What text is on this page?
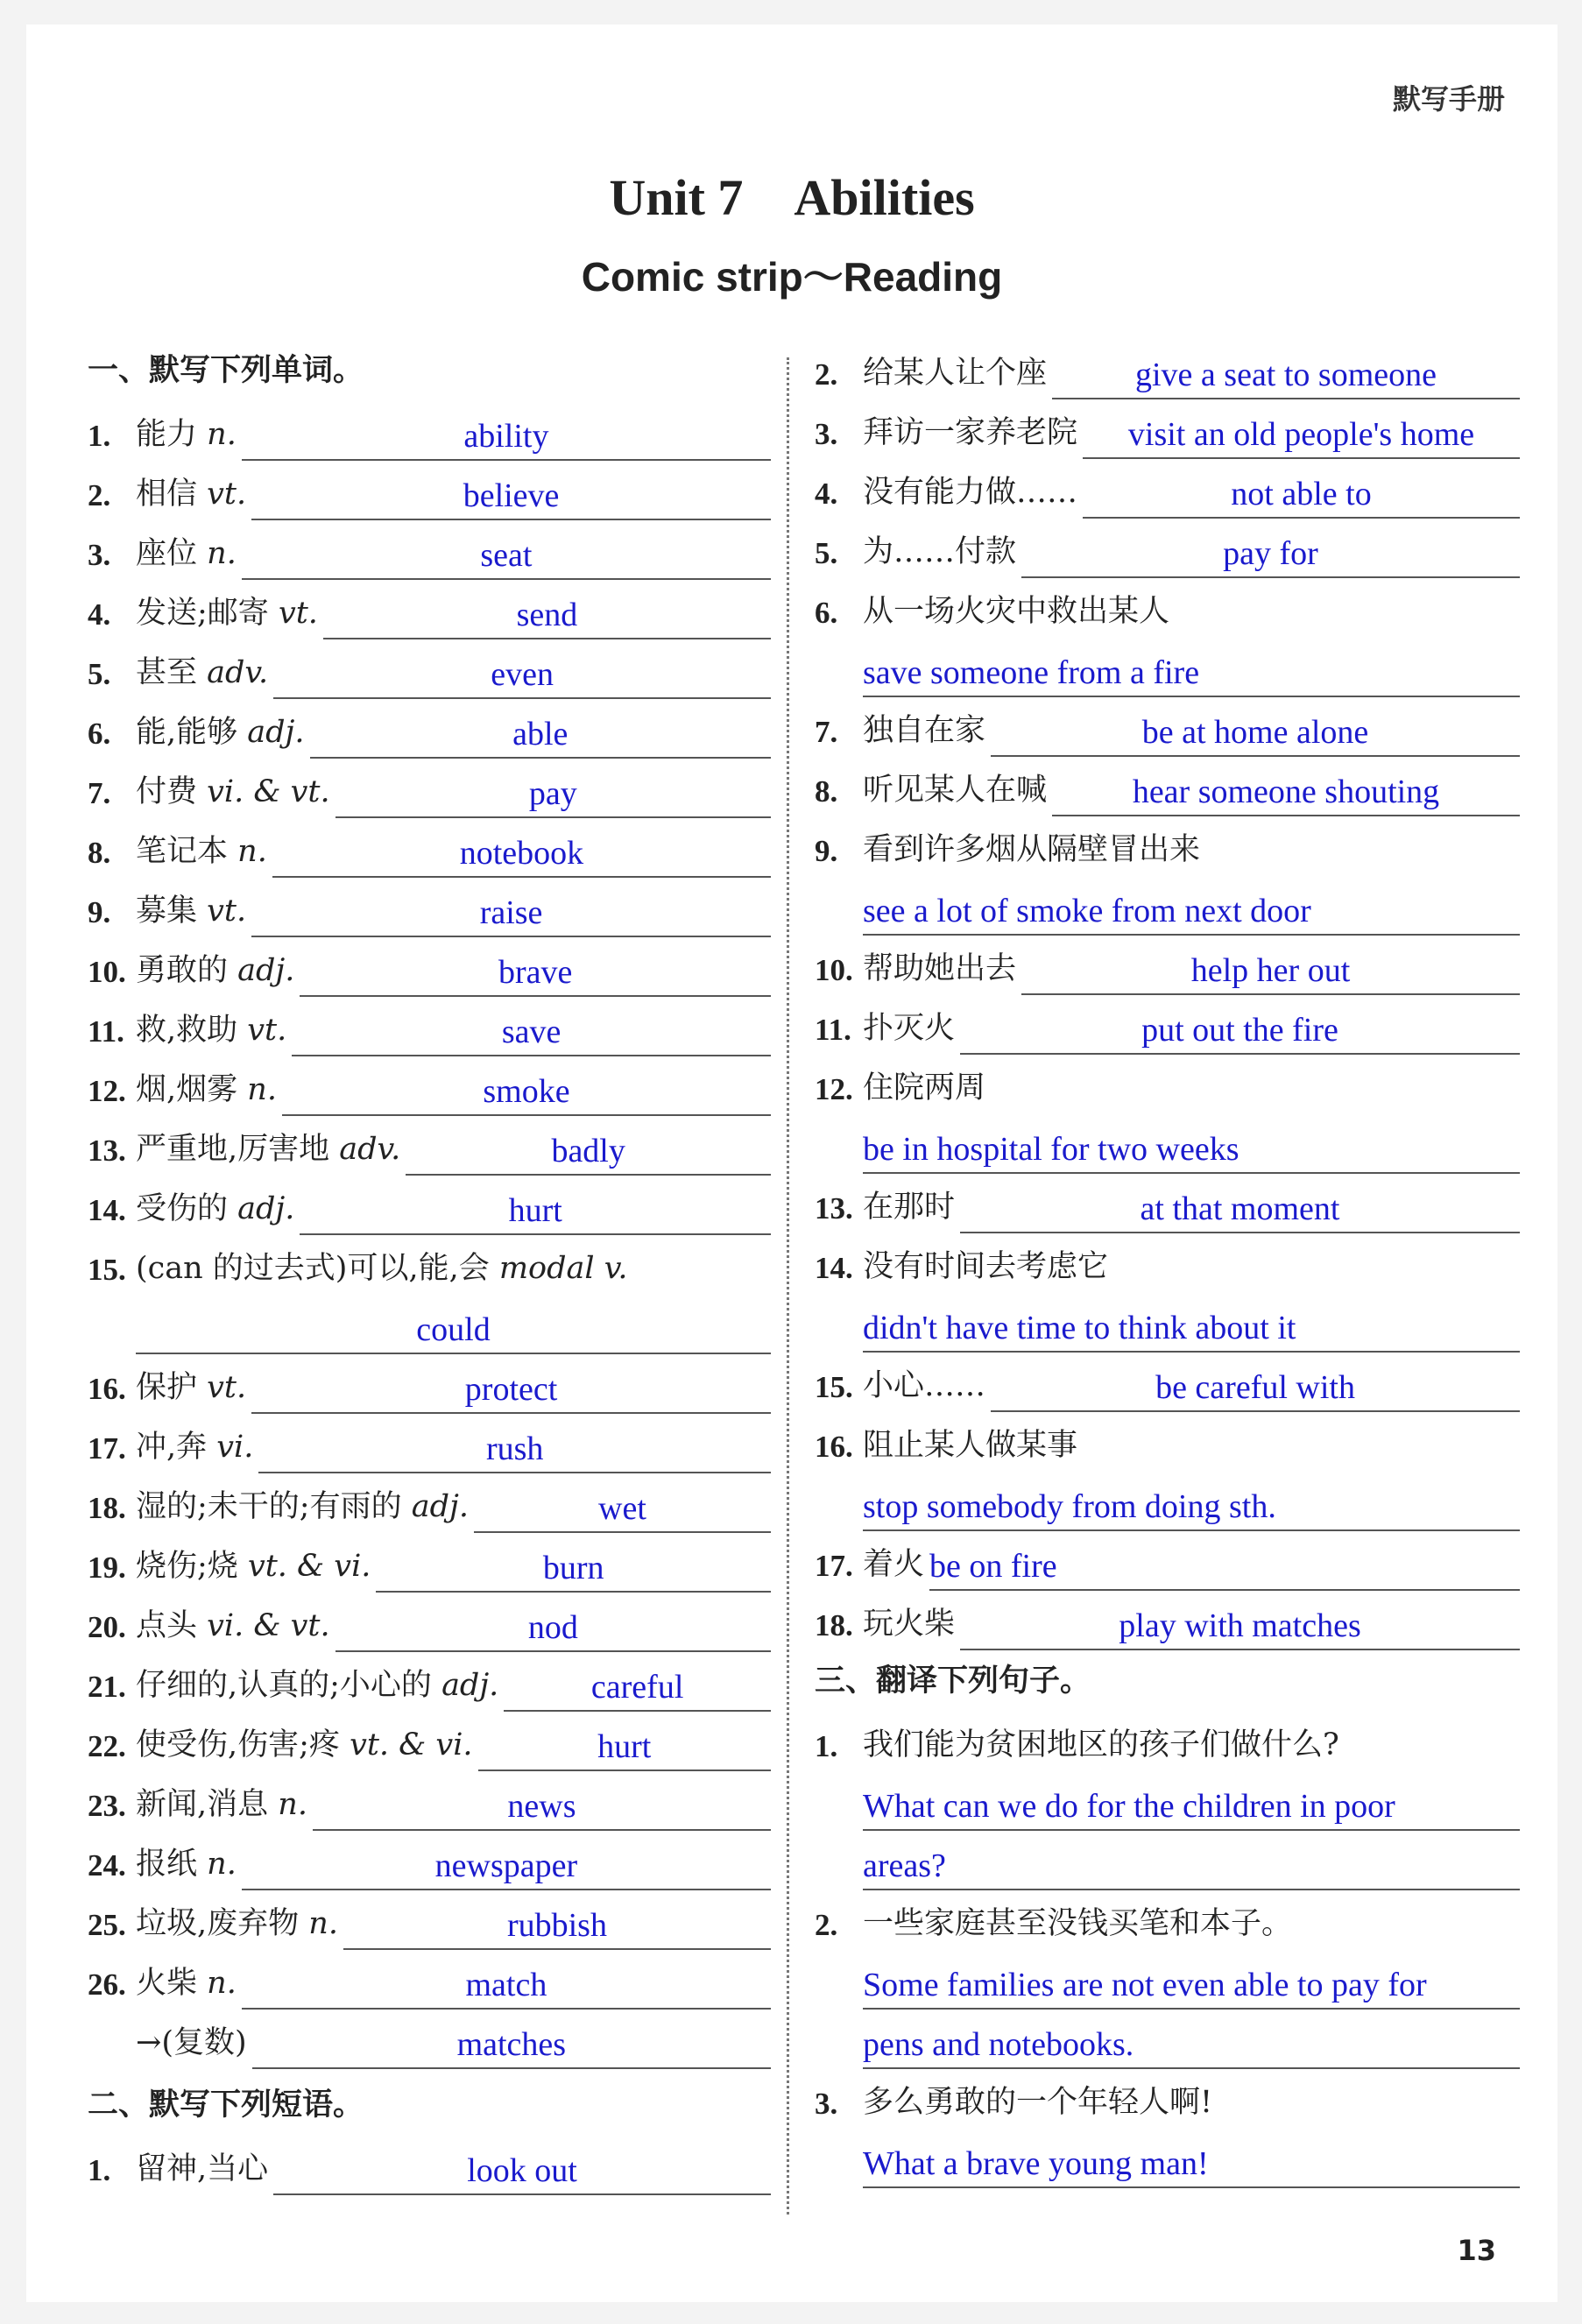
默写手册
Unit 7　Abilities
Comic strip～Reading
一、默写下列单词。
1. 能力 n.	ability
2. 相信 vt.	believe
3. 座位 n.	seat
4. 发送;邮寄 vt.	send
5. 甚至 adv.	even
6. 能,能够 adj.	able
7. 付费 vi. & vt.	pay
8. 笔记本 n.	notebook
9. 募集 vt.	raise
10. 勇敢的 adj.	brave
11. 救,救助 vt.	save
12. 烟,烟雾 n.	smoke
13. 严重地,厉害地 adv.	badly
14. 受伤的 adj.	hurt
15. (can 的过去式)可以,能,会 modal v.
could
16. 保护 vt.	protect
17. 冲,奔 vi.	rush
18. 湿的;未干的;有雨的 adj.	wet
19. 烧伤;烧 vt. & vi.	burn
20. 点头 vi. & vt.	nod
21. 仔细的,认真的;小心的 adj.	careful
22. 使受伤,伤害;疼 vt. & vi.	hurt
23. 新闻,消息 n.	news
24. 报纸 n.	newspaper
25. 垃圾,废弃物 n.	rubbish
26. 火柴 n.	match
→(复数)	matches
二、默写下列短语。
1. 留神,当心	look out
2. 给某人让个座	give a seat to someone
3. 拜访一家养老院	visit an old people's home
4. 没有能力做……	not able to
5. 为……付款	pay for
6. 从一场火灾中救出某人
save someone from a fire
7. 独自在家	be at home alone
8. 听见某人在喊	hear someone shouting
9. 看到许多烟从隔壁冒出来
see a lot of smoke from next door
10. 帮助她出去	help her out
11. 扑灭火	put out the fire
12. 住院两周
be in hospital for two weeks
13. 在那时	at that moment
14. 没有时间去考虑它
didn't have time to think about it
15. 小心……	be careful with
16. 阻止某人做某事
stop somebody from doing sth.
17. 着火 be on fire
18. 玩火柴	play with matches
三、翻译下列句子。
1. 我们能为贫困地区的孩子们做什么?
What can we do for the children in poor
areas?
2. 一些家庭甚至没钱买笔和本子。
Some families are not even able to pay for
pens and notebooks.
3. 多么勇敢的一个年轻人啊!
What a brave young man!
13
